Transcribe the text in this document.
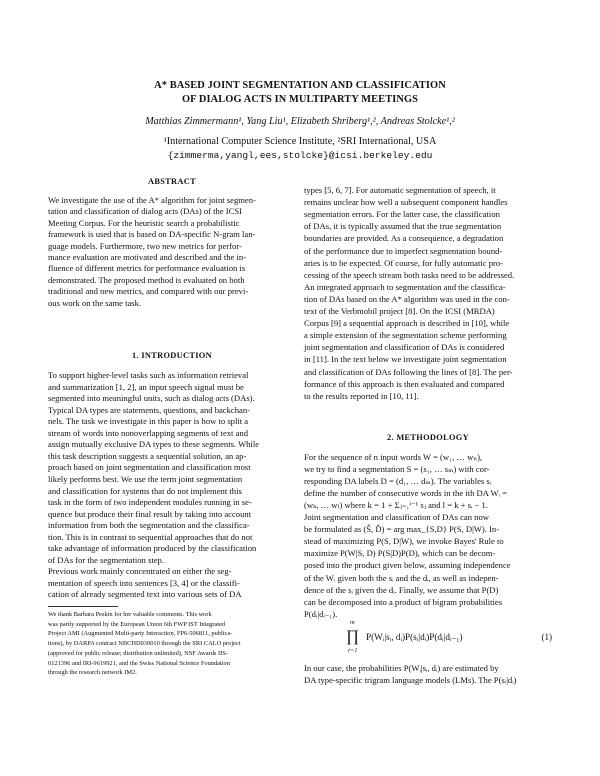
A* BASED JOINT SEGMENTATION AND CLASSIFICATION
OF DIALOG ACTS IN MULTIPARTY MEETINGS
Matthias Zimmermann¹, Yang Liu¹, Elizabeth Shriberg¹,², Andreas Stolcke¹,²
¹International Computer Science Institute, ²SRI International, USA
{zimmerma,yangl,ees,stolcke}@icsi.berkeley.edu
ABSTRACT
We investigate the use of the A* algorithm for joint segmen-
tation and classification of dialog acts (DAs) of the ICSI
Meeting Corpus. For the heuristic search a probabilistic
framework is used that is based on DA-specific N-gram lan-
guage models. Furthermore, two new metrics for perfor-
mance evaluation are motivated and described and the in-
fluence of different metrics for performance evaluation is
demonstrated. The proposed method is evaluated on both
traditional and new metrics, and compared with our previ-
ous work on the same task.
1. INTRODUCTION
To support higher-level tasks such as information retrieval
and summarization [1, 2], an input speech signal must be
segmented into meaningful units, such as dialog acts (DAs).
Typical DA types are statements, questions, and backchan-
nels. The task we investigate in this paper is how to split a
stream of words into nonoverlapping segments of text and
assign mutually exclusive DA types to these segments. While
this task description suggests a sequential solution, an ap-
proach based on joint segmentation and classification most
likely performs best. We use the term joint segmentation
and classification for systems that do not implement this
task in the form of two independent modules running in se-
quence but produce their final result by taking into account
information from both the segmentation and the classifica-
tion. This is in contrast to sequential approaches that do not
take advantage of information produced by the classification
of DAs for the segmentation step.
Previous work mainly concentrated on either the seg-
mentation of speech into sentences [3, 4] or the classifi-
cation of already segmented text into various sets of DA
We thank Barbara Peskin for her valuable comments. This work
was partly supported by the European Union 6th FWP IST Integrated
Project AMI (Augmented Multi-party Interaction, FP6-506811, publica-
tions), by DARPA contract NBCHD030010 through the SRI CALO project
(approved for public release; distribution unlimited), NSF Awards IIS-
0121396 and IRI-9619921, and the Swiss National Science Foundation
through the research network IM2.
types [5, 6, 7]. For automatic segmentation of speech, it
remains unclear how well a subsequent component handles
segmentation errors. For the latter case, the classification
of DAs, it is typically assumed that the true segmentation
boundaries are provided. As a consequence, a degradation
of the performance due to imperfect segmentation bound-
aries is to be expected. Of course, for fully automatic pro-
cessing of the speech stream both tasks need to be addressed.
An integrated approach to segmentation and the classifica-
tion of DAs based on the A* algorithm was used in the con-
text of the Verbmobil project [8]. On the ICSI (MRDA)
Corpus [9] a sequential approach is described in [10], while
a simple extension of the segmentation scheme performing
joint segmentation and classification of DAs is considered
in [11]. In the text below we investigate joint segmentation
and classification of DAs following the lines of [8]. The per-
formance of this approach is then evaluated and compared
to the results reported in [10, 11].
2. METHODOLOGY
For the sequence of n input words W = (w₁, … wₙ),
we try to find a segmentation S = (s₁, … sₘ) with cor-
responding DA labels D = (d₁, … dₘ). The variables sᵢ
define the number of consecutive words in the ith DA Wᵢ =
(wₖ, … wₗ) where k = 1 + Σⱼ₌₁ⁱ⁻¹ sⱼ and l = k + sᵢ − 1.
Joint segmentation and classification of DAs can now
be formulated as (Ŝ, D̂) = arg max_{S,D} P(S, D|W). In-
stead of maximizing P(S, D|W), we invoke Bayes' Rule to
maximize P(W|S, D) P(S|D)P(D), which can be decom-
posed into the product given below, assuming independence
of the Wᵢ given both the sᵢ and the dᵢ, as well as indepen-
dence of the sᵢ given the dᵢ. Finally, we assume that P(D)
can be decomposed into a product of bigram probabilities
P(dᵢ|dᵢ₋₁).
m
∏
i=1
P(Wᵢ|sᵢ, dᵢ)P(sᵢ|dᵢ)P(dᵢ|dᵢ₋₁)	(1)
In our case, the probabilities P(Wᵢ|sᵢ, dᵢ) are estimated by
DA type-specific trigram language models (LMs). The P(sᵢ|dᵢ)
